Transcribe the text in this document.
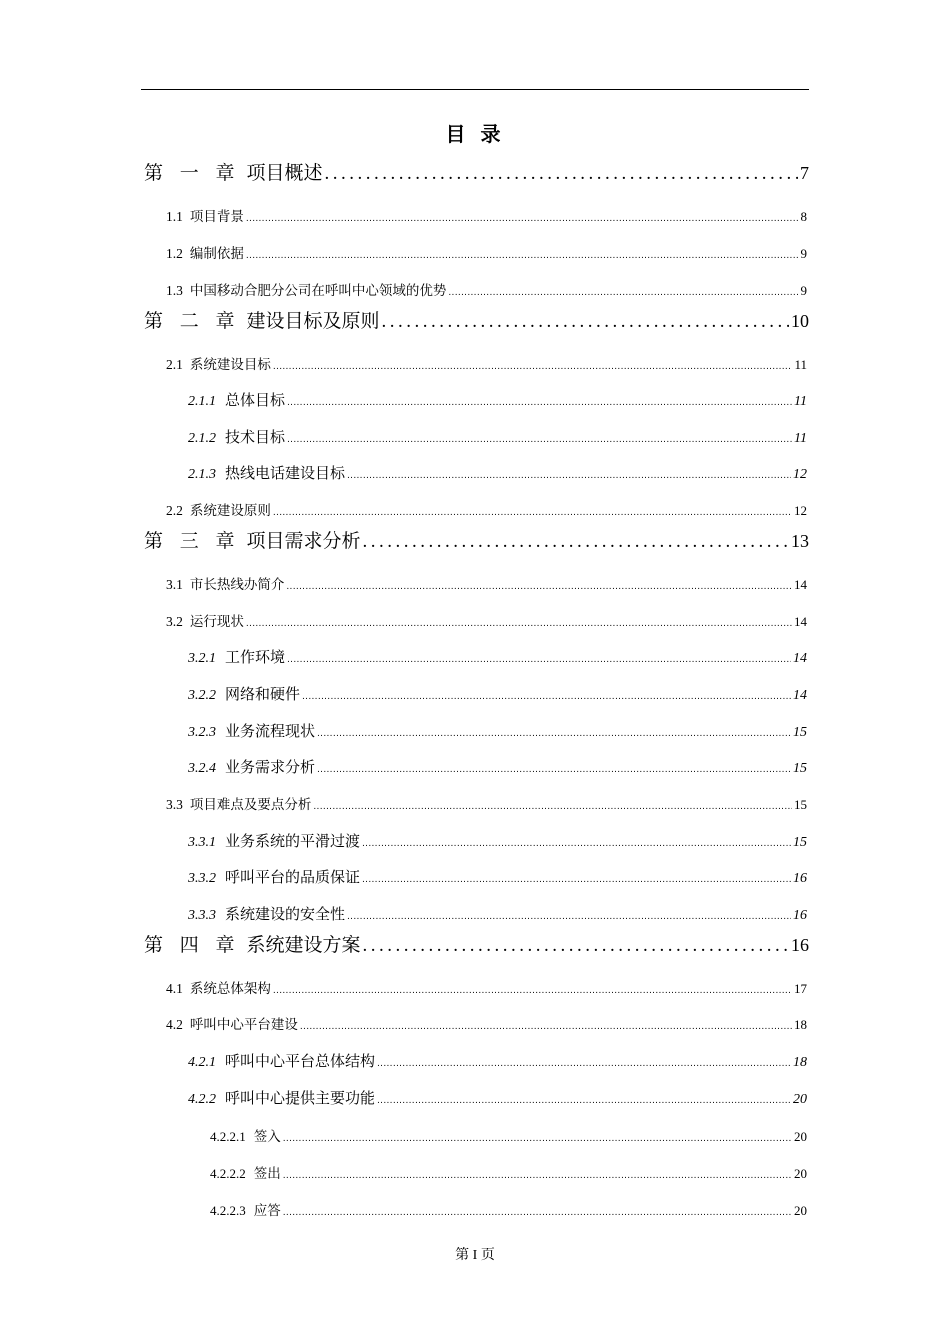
目 录
第 一 章 项目概述 .....	7
1.1 项目背景 .....	8
1.2 编制依据 .....	9
1.3 中国移动合肥分公司在呼叫中心领域的优势 .....	9
第 二 章 建设目标及原则 .....	10
2.1 系统建设目标 .....	11
2.1.1 总体目标 .....	11
2.1.2 技术目标 .....	11
2.1.3 热线电话建设目标 .....	12
2.2 系统建设原则 .....	12
第 三 章 项目需求分析 .....	13
3.1 市长热线办简介 .....	14
3.2 运行现状 .....	14
3.2.1 工作环境 .....	14
3.2.2 网络和硬件 .....	14
3.2.3 业务流程现状 .....	15
3.2.4 业务需求分析 .....	15
3.3 项目难点及要点分析 .....	15
3.3.1 业务系统的平滑过渡 .....	15
3.3.2 呼叫平台的品质保证 .....	16
3.3.3 系统建设的安全性 .....	16
第 四 章 系统建设方案 .....	16
4.1 系统总体架构 .....	17
4.2 呼叫中心平台建设 .....	18
4.2.1 呼叫中心平台总体结构 .....	18
4.2.2 呼叫中心提供主要功能 .....	20
4.2.2.1 签入 .....	20
4.2.2.2 签出 .....	20
4.2.2.3 应答 .....	20
第 I 页
